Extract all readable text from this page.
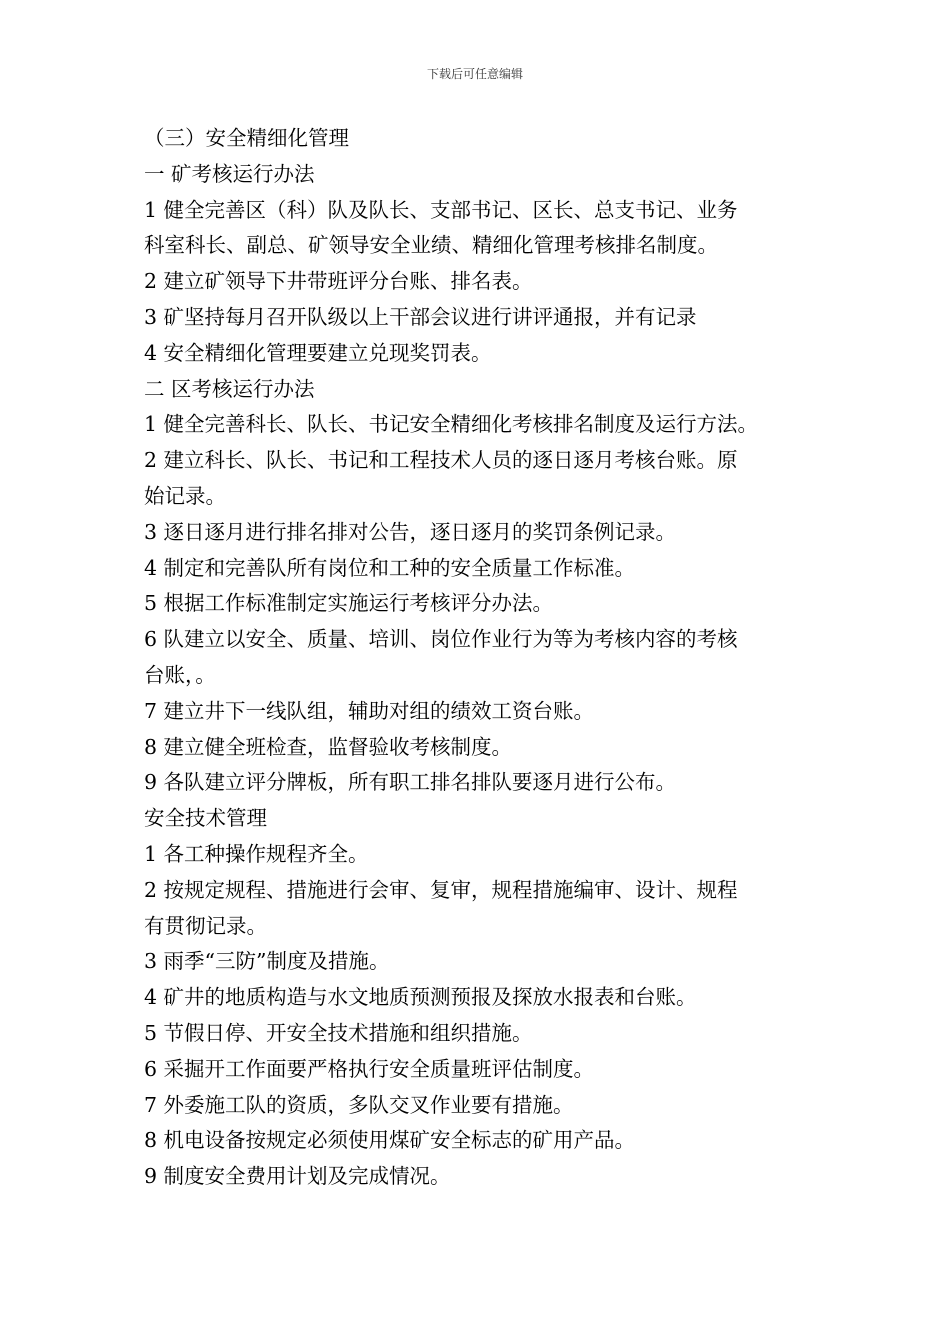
下载后可任意编辑

（三）安全精细化管理

一 矿考核运行办法

1 健全完善区（科）队及队长、支部书记、区长、总支书记、业务

科室科长、副总、矿领导安全业绩、精细化管理考核排名制度。

2 建立矿领导下井带班评分台账、排名表。

3 矿坚持每月召开队级以上干部会议进行讲评通报，并有记录

4 安全精细化管理要建立兑现奖罚表。

二 区考核运行办法

1 健全完善科长、队长、书记安全精细化考核排名制度及运行方法。

2 建立科长、队长、书记和工程技术人员的逐日逐月考核台账。原

始记录。

3 逐日逐月进行排名排对公告，逐日逐月的奖罚条例记录。

4 制定和完善队所有岗位和工种的安全质量工作标准。

5 根据工作标准制定实施运行考核评分办法。

6 队建立以安全、质量、培训、岗位作业行为等为考核内容的考核

台账，。

7 建立井下一线队组，辅助对组的绩效工资台账。

8 建立健全班检查，监督验收考核制度。

9 各队建立评分牌板，所有职工排名排队要逐月进行公布。

安全技术管理

1 各工种操作规程齐全。

2 按规定规程、措施进行会审、复审，规程措施编审、设计、规程

有贯彻记录。

3 雨季“三防”制度及措施。

4 矿井的地质构造与水文地质预测预报及探放水报表和台账。

5 节假日停、开安全技术措施和组织措施。

6 采掘开工作面要严格执行安全质量班评估制度。

7 外委施工队的资质，多队交叉作业要有措施。

8 机电设备按规定必须使用煤矿安全标志的矿用产品。

9 制度安全费用计划及完成情况。
